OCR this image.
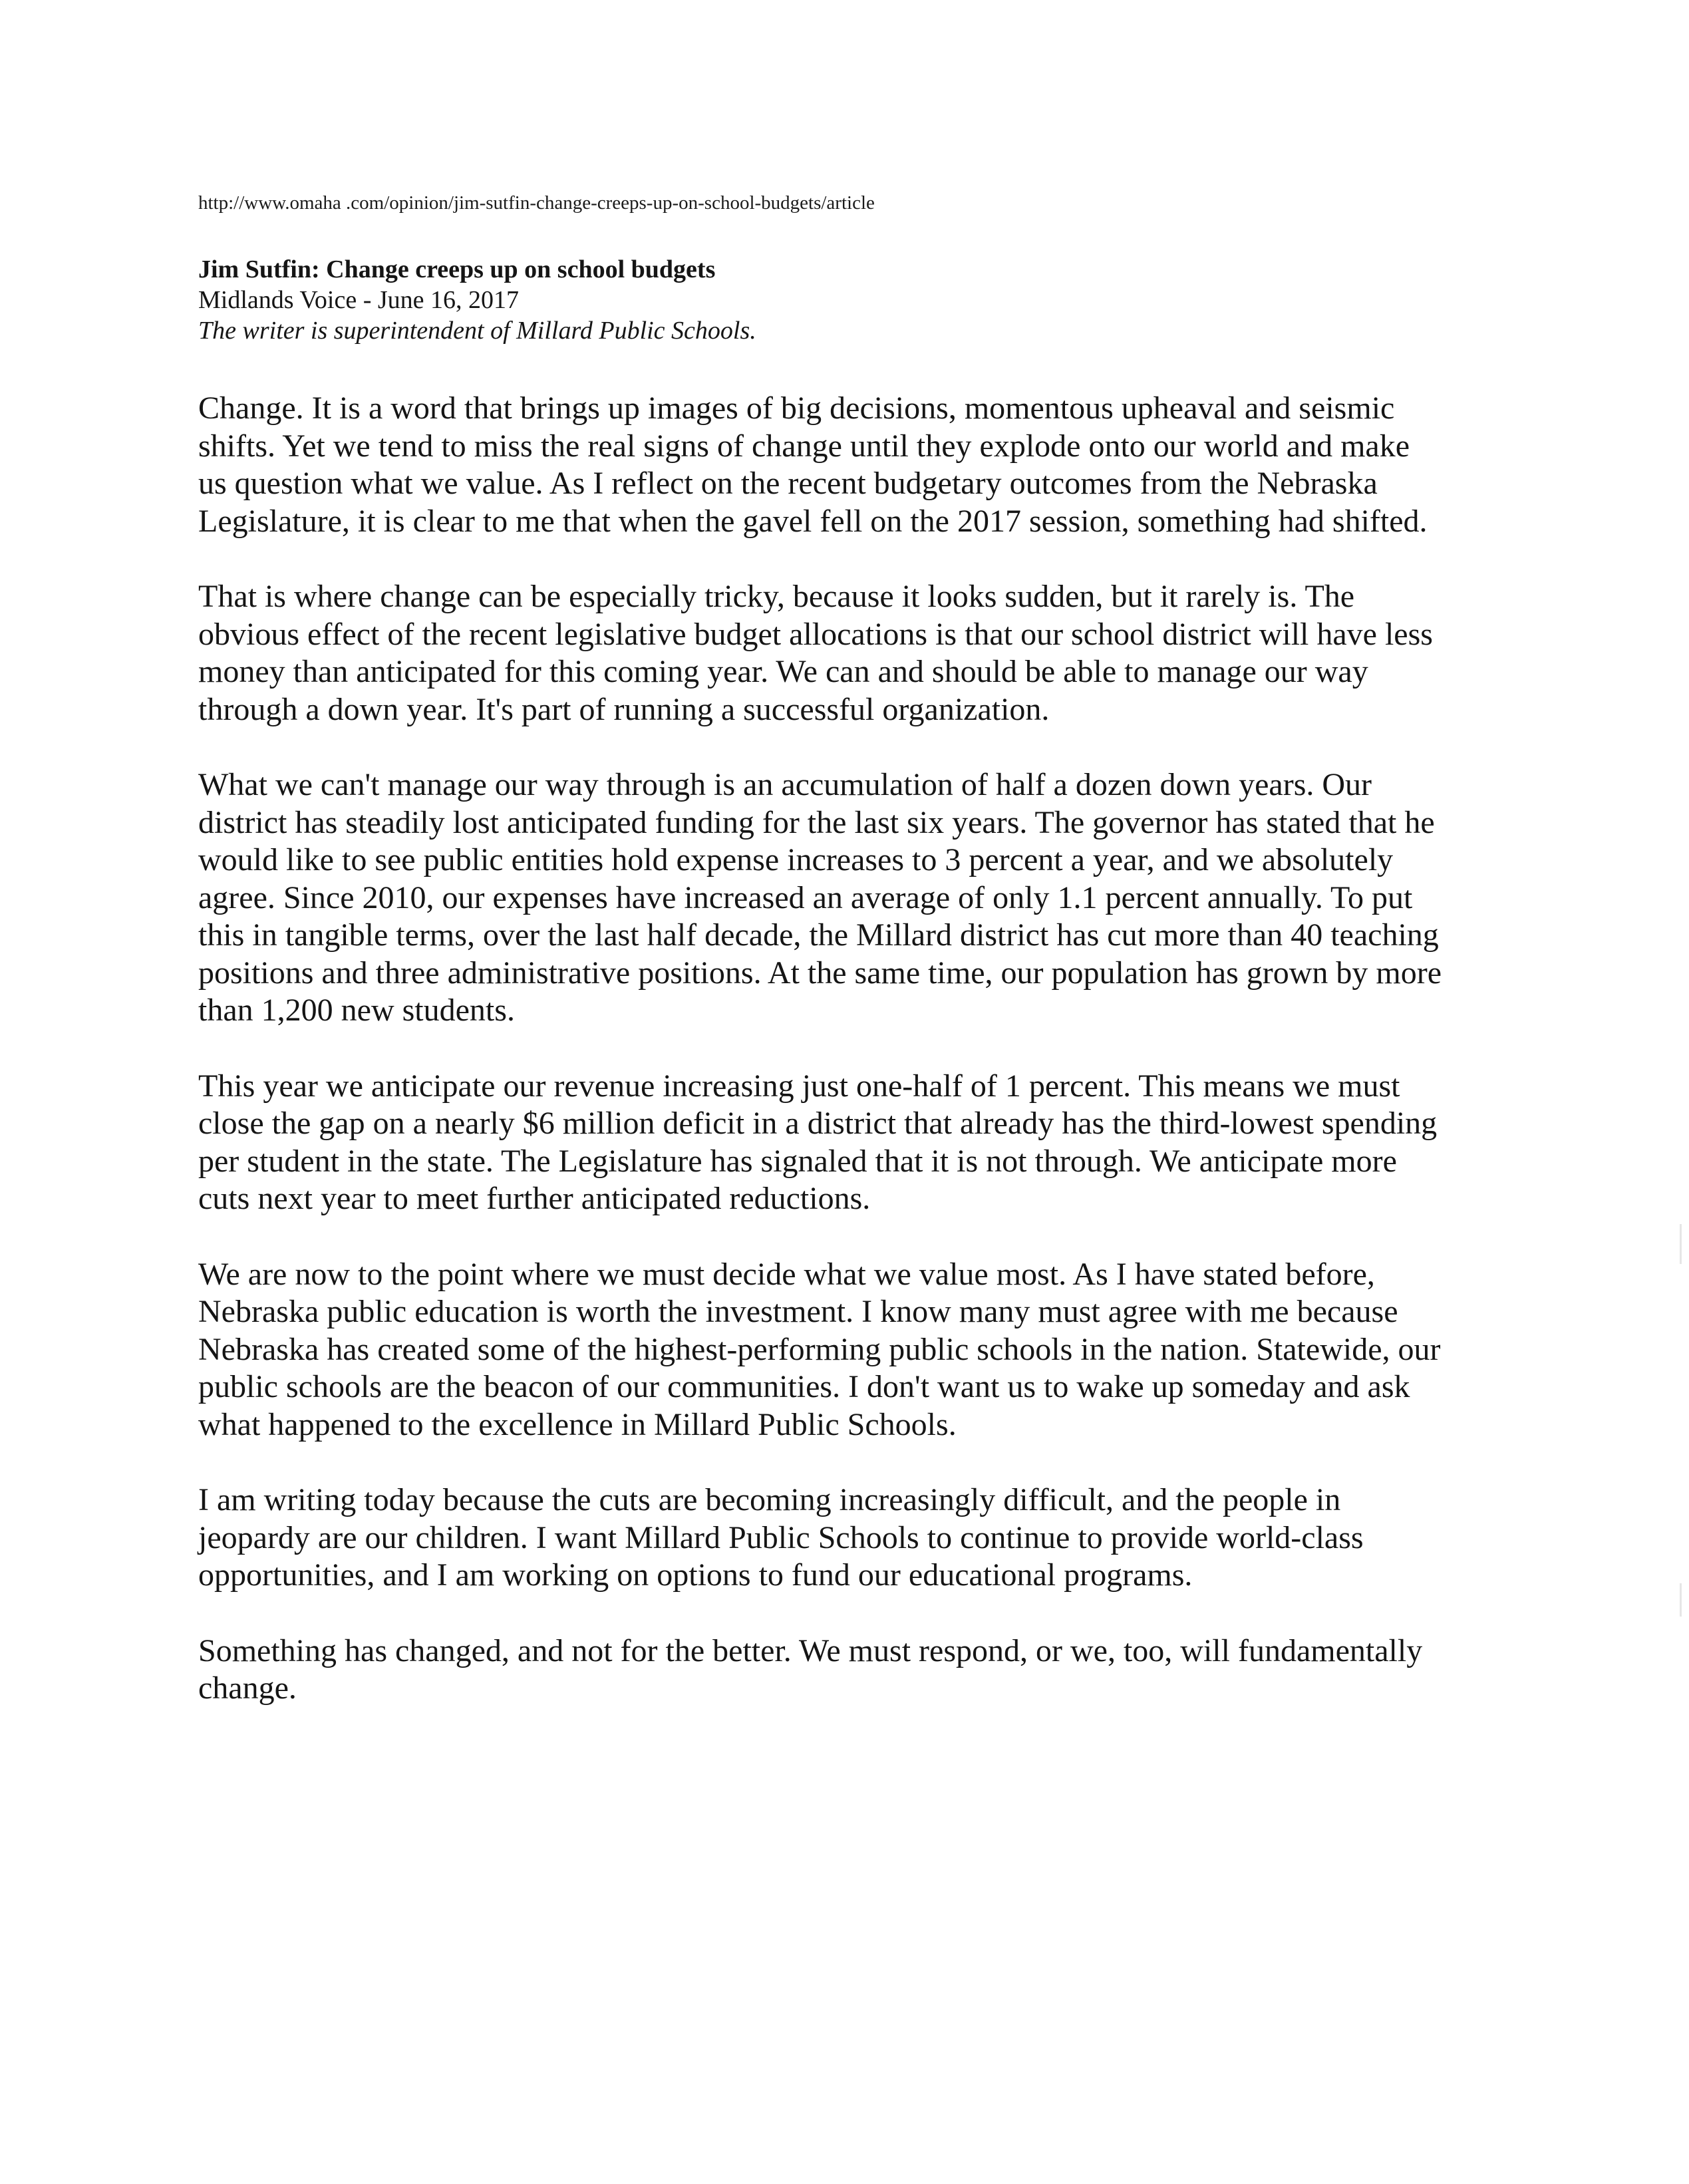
http://www.omaha .com/opinion/jim-sutfin-change-creeps-up-on-school-budgets/article

Jim Sutfin: Change creeps up on school budgets

Midlands Voice - June 16, 2017

The writer is superintendent of Millard Public Schools.

Change. It is a word that brings up images of big decisions, momentous upheaval and seismic
shifts. Yet we tend to miss the real signs of change until they explode onto our world and make
us question what we value. As I reflect on the recent budgetary outcomes from the Nebraska
Legislature, it is clear to me that when the gavel fell on the 2017 session, something had shifted.

That is where change can be especially tricky, because it looks sudden, but it rarely is. The
obvious effect of the recent legislative budget allocations is that our school district will have less
money than anticipated for this coming year. We can and should be able to manage our way
through a down year. It's part of running a successful organization.

What we can't manage our way through is an accumulation of half a dozen down years. Our
district has steadily lost anticipated funding for the last six years. The governor has stated that he
would like to see public entities hold expense increases to 3 percent a year, and we absolutely
agree. Since 2010, our expenses have increased an average of only 1.1 percent annually. To put
this in tangible terms, over the last half decade, the Millard district has cut more than 40 teaching
positions and three administrative positions. At the same time, our population has grown by more
than 1,200 new students.

This year we anticipate our revenue increasing just one-half of 1 percent. This means we must
close the gap on a nearly $6 million deficit in a district that already has the third-lowest spending
per student in the state. The Legislature has signaled that it is not through. We anticipate more
cuts next year to meet further anticipated reductions.

We are now to the point where we must decide what we value most. As I have stated before,
Nebraska public education is worth the investment. I know many must agree with me because
Nebraska has created some of the highest-performing public schools in the nation. Statewide, our
public schools are the beacon of our communities. I don't want us to wake up someday and ask
what happened to the excellence in Millard Public Schools.

I am writing today because the cuts are becoming increasingly difficult, and the people in
jeopardy are our children. I want Millard Public Schools to continue to provide world-class
opportunities, and I am working on options to fund our educational programs.

Something has changed, and not for the better. We must respond, or we, too, will fundamentally
change.
